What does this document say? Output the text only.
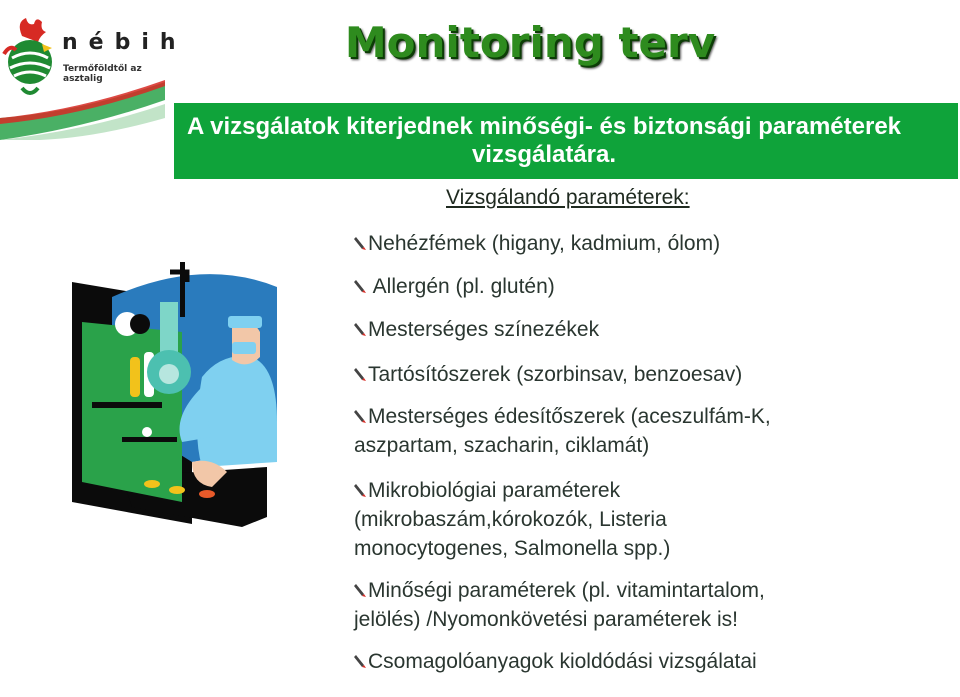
nébih

Termőföldtől az asztalig

Monitoring terv

A vizsgálatok kiterjednek minőségi- és biztonsági paraméterek vizsgálatára.

Vizsgálandó paraméterek:

Nehézfémek (higany, kadmium, ólom)

Allergén (pl. glutén)

Mesterséges színezékek

Tartósítószerek (szorbinsav, benzoesav)

Mesterséges édesítőszerek (aceszulfám-K, aszpartam, szacharin, ciklamát)

Mikrobiológiai paraméterek (mikrobaszám,kórokozók, Listeria monocytogenes, Salmonella spp.)

Minőségi paraméterek (pl. vitamintartalom, jelölés) /Nyomonkövetési paraméterek is!

Csomagolóanyagok kioldódási vizsgálatai
